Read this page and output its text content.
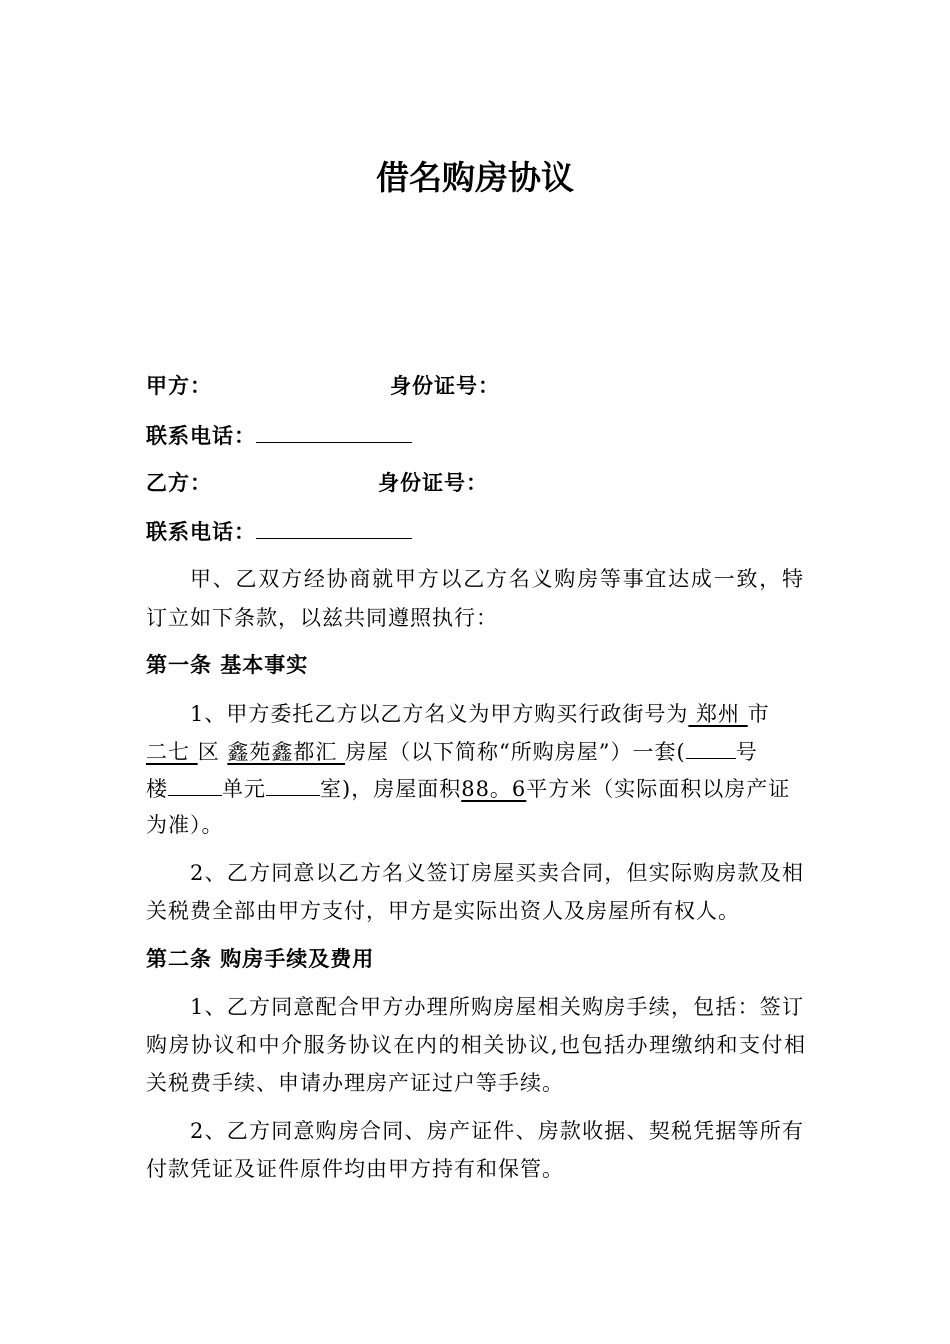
借名购房协议
甲方：	身份证号：
联系电话：
乙方：	身份证号：
联系电话：
甲、乙双方经协商就甲方以乙方名义购房等事宜达成一致，特
订立如下条款，以兹共同遵照执行：
第一条 基本事实
1、甲方委托乙方以乙方名义为甲方购买行政街号为 郑州 市
二七 区 鑫苑鑫都汇 房屋（以下简称“所购房屋”）一套( 号
楼	单元	室)，房屋面积88。6平方米（实际面积以房产证
为准）。
2、乙方同意以乙方名义签订房屋买卖合同，但实际购房款及相
关税费全部由甲方支付，甲方是实际出资人及房屋所有权人。
第二条 购房手续及费用
1、乙方同意配合甲方办理所购房屋相关购房手续，包括：签订
购房协议和中介服务协议在内的相关协议,也包括办理缴纳和支付相
关税费手续、申请办理房产证过户等手续。
2、乙方同意购房合同、房产证件、房款收据、契税凭据等所有
付款凭证及证件原件均由甲方持有和保管。
